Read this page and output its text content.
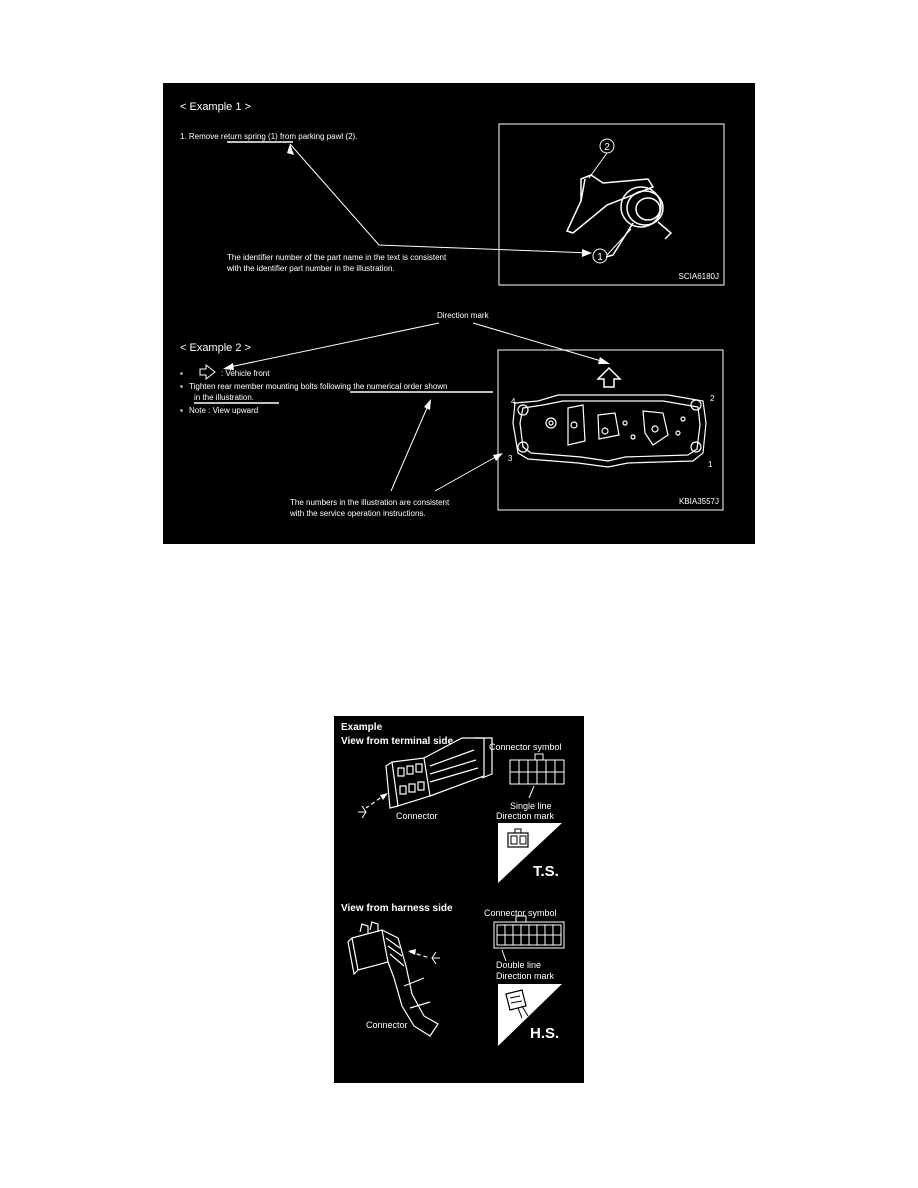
< Example 1 >
1. Remove return spring (1) from parking pawl (2).
2
1
SCIA6180J
The identifier number of the part name in the text is consistent
with the identifier part number in the illustration.
Direction mark
< Example 2 >
▪	: Vehicle front
▪ Tighten rear member mounting bolts following the numerical order shown
in the illustration.
▪ Note : View upward
4	2
3
1
KBIA3557J
The numbers in the illustration are consistent
with the service operation instructions.
Example
View from terminal side
Connector
Connector symbol
Single line
Direction mark
T.S.
View from harness side
Connector
Connector symbol
Double line
Direction mark
H.S.
